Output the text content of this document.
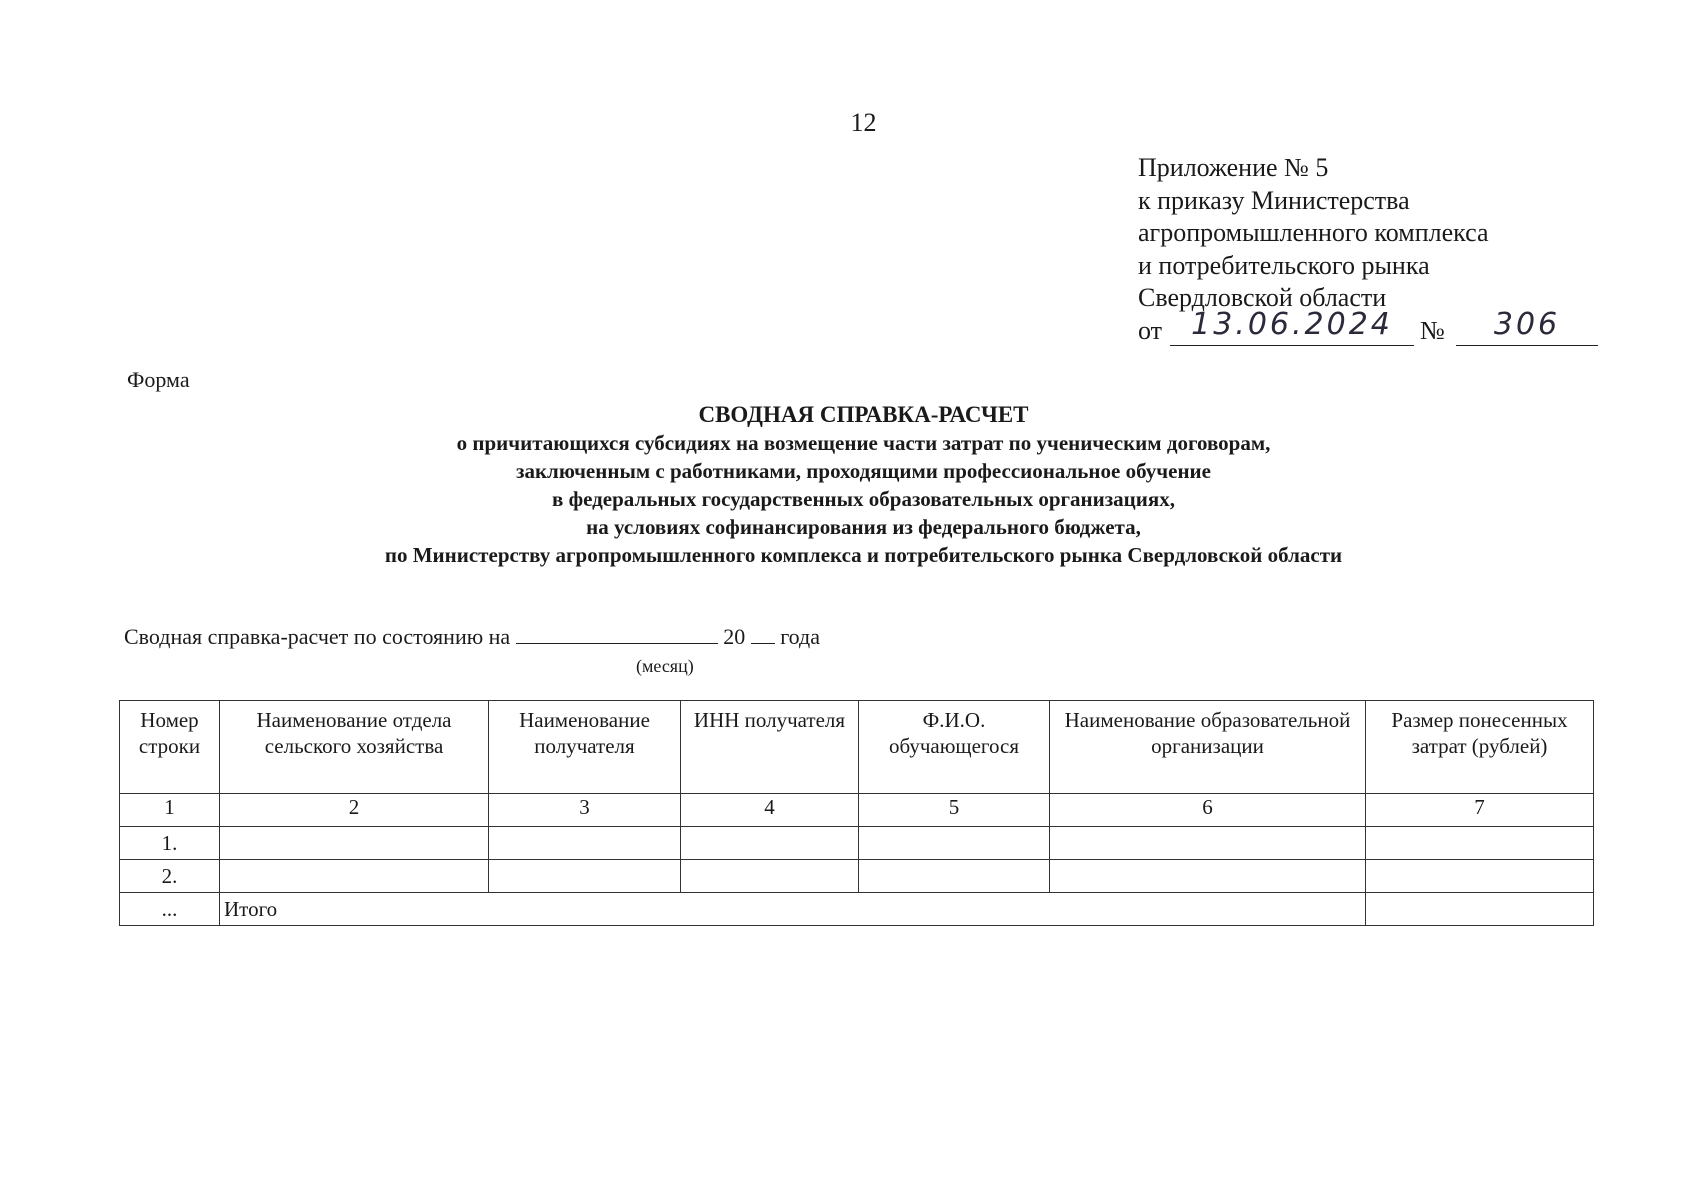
12
Приложение № 5
к приказу Министерства
агропромышленного комплекса
и потребительского рынка
Свердловской области
от 13.06.2024	№	306
Форма
СВОДНАЯ СПРАВКА-РАСЧЕТ
о причитающихся субсидиях на возмещение части затрат по ученическим договорам,
заключенным с работниками, проходящими профессиональное обучение
в федеральных государственных образовательных организациях,
на условиях софинансирования из федерального бюджета,
по Министерству агропромышленного комплекса и потребительского рынка Свердловской области
Сводная справка-расчет по состоянию на	20 года
(месяц)
Номер строки	Наименование отдела сельского хозяйства	Наименование получателя	ИНН получателя	Ф.И.О. обучающегося	Наименование образовательной организации	Размер понесенных затрат (рублей)
1	2	3	4	5	6	7
1.						
2.						
...	Итого					
